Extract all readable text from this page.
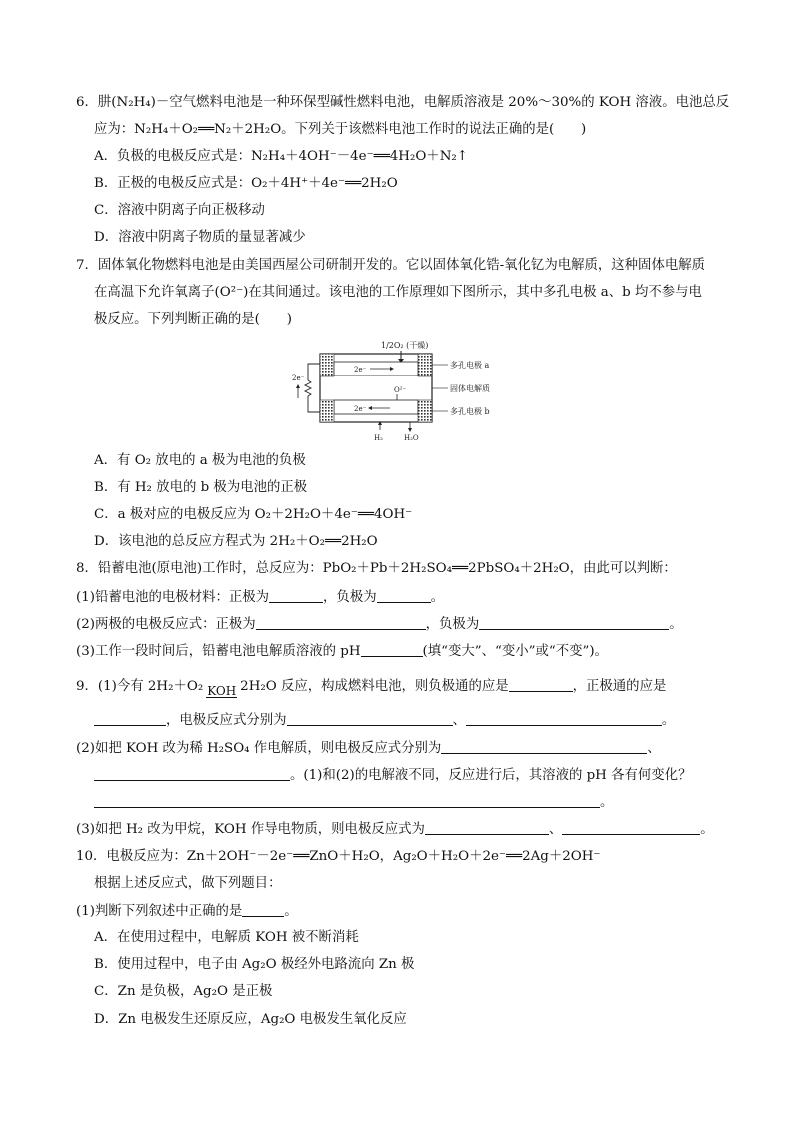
6．肼(N₂H₄)－空气燃料电池是一种环保型碱性燃料电池，电解质溶液是 20%～30%的 KOH 溶液。电池总反
应为：N₂H₄＋O₂══N₂＋2H₂O。下列关于该燃料电池工作时的说法正确的是(　　)
A．负极的电极反应式是：N₂H₄＋4OH⁻－4e⁻══4H₂O＋N₂↑
B．正极的电极反应式是：O₂＋4H⁺＋4e⁻══2H₂O
C．溶液中阴离子向正极移动
D．溶液中阴离子物质的量显著减少
7．固体氧化物燃料电池是由美国西屋公司研制开发的。它以固体氧化锆-氧化钇为电解质，这种固体电解质
在高温下允许氧离子(O²⁻)在其间通过。该电池的工作原理如下图所示，其中多孔电极 a、b 均不参与电
极反应。下列判断正确的是(　　)
1/2O₂ (干燥)
O²⁻
2e⁻
2e⁻
2e⁻
多孔电极 a
固体电解质
多孔电极 b
H₂	H₂O
A．有 O₂ 放电的 a 极为电池的负极
B．有 H₂ 放电的 b 极为电池的正极
C．a 极对应的电极反应为 O₂＋2H₂O＋4e⁻══4OH⁻
D．该电池的总反应方程式为 2H₂＋O₂══2H₂O
8．铅蓄电池(原电池)工作时，总反应为：PbO₂＋Pb＋2H₂SO₄══2PbSO₄＋2H₂O，由此可以判断：
(1)铅蓄电池的电极材料：正极为	，负极为	。
(2)两极的电极反应式：正极为	，负极为	。
(3)工作一段时间后，铅蓄电池电解质溶液的 pH	(填“变大”、“变小”或“不变”)。
9．(1)今有 2H₂＋O₂ KOH 2H₂O 反应，构成燃料电池，则负极通的应是	，正极通的应是
，电极反应式分别为	、	。
(2)如把 KOH 改为稀 H₂SO₄ 作电解质，则电极反应式分别为	、
。(1)和(2)的电解液不同，反应进行后，其溶液的 pH 各有何变化？
。
(3)如把 H₂ 改为甲烷，KOH 作导电物质，则电极反应式为	、	。
10．电极反应为：Zn＋2OH⁻－2e⁻══ZnO＋H₂O，Ag₂O＋H₂O＋2e⁻══2Ag＋2OH⁻
根据上述反应式，做下列题目：
(1)判断下列叙述中正确的是	。
A．在使用过程中，电解质 KOH 被不断消耗
B．使用过程中，电子由 Ag₂O 极经外电路流向 Zn 极
C．Zn 是负极，Ag₂O 是正极
D．Zn 电极发生还原反应，Ag₂O 电极发生氧化反应
